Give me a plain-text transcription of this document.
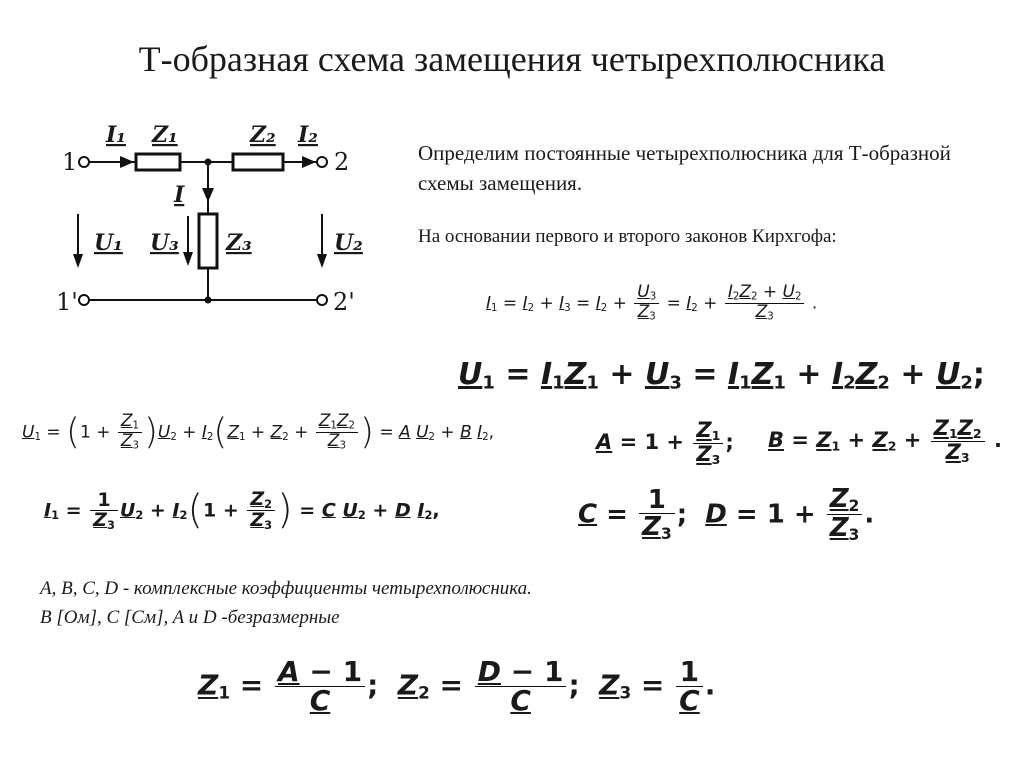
Т-образная схема замещения четырехполюсника
1	2
1'	2'
I₁ Z₁	Z₂ I₂
I
U₁ U₃ Z₃	U₂
Определим постоянные четырехполюсника для Т-образной схемы замещения.
На основании первого и второго законов Кирхгофа:
$I_1 = I_2 + I_3 = I_2 + \frac{U_3}{Z_3} = I_2 + \frac{I_2Z_2 + U_2}{Z_3}$ .
$U_1 = I_1Z_1 + U_3 = I_1Z_1 + I_2Z_2 + U_2$;
$U_1 = (1 + \frac{Z_1}{Z_3} )U_2 + I_2(Z_1 + Z_2 + \frac{Z_1Z_2}{Z_3}$ ) = A $U_2 + B$ $I_2$,	$A = 1 + \frac{Z_1}{Z_3}$ ; $B = Z_1 + Z_2 + \frac{Z_1Z_2}{Z_3}$ .
$I_1 = \frac{1}{Z_3} U_2 + I_2(1 + \frac{Z_2}{Z_3}$ ) = C $U_2 + D$ $I_2$,	$C = \frac{1}{Z_3}$ ;  $D = 1 + \frac{Z_2}{Z_3}$ .
A, B, C, D - комплексные коэффициенты четырехполюсника.
B [Ом], C [См], A и D -безразмерные
$Z_1 = \frac{A - 1}{C}$ ;  $Z_2 = \frac{D - 1}{C}$ ;  $Z_3 = \frac{1}{C}$ .
